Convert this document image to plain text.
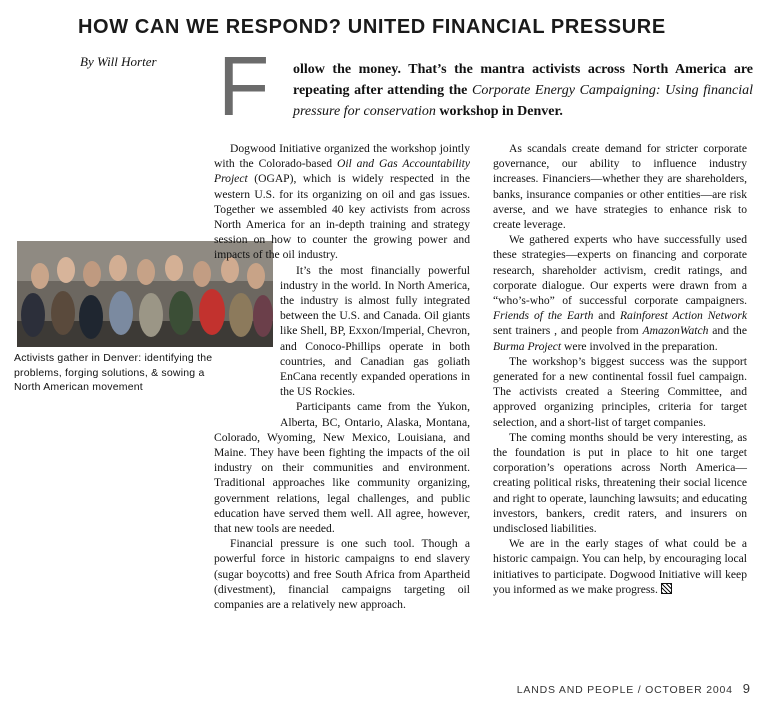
HOW CAN WE RESPOND? UNITED FINANCIAL PRESSURE
By Will Horter F ollow the money. That’s the mantra activists across North America are repeating after attending the Corporate Energy Campaigning: Using financial pressure for conservation workshop in Denver.
Activists gather in Denver: identifying the problems, forging solutions, & sowing a North American movement

Dogwood Initiative organized the workshop jointly with the Colorado-based Oil and Gas Accountability Project (OGAP), which is widely respected in the western U.S. for its organizing on oil and gas issues. Together we assembled 40 key activists from across North America for an in-depth training and strategy session on how to counter the growing power and impacts of the oil industry.

It’s the most financially powerful industry in the world. In North America, the industry is almost fully integrated between the U.S. and Canada. Oil giants like Shell, BP, Exxon/Imperial, Chevron, and Conoco-Phillips operate in both countries, and Canadian gas goliath EnCana recently expanded operations in the US Rockies.

Participants came from the Yukon, Alberta, BC, Ontario, Alaska, Montana, Colorado, Wyoming, New Mexico, Louisiana, and Maine. They have been fighting the impacts of the oil industry on their communities and environment. Traditional approaches like community organizing, government relations, legal challenges, and public education have served them well. All agree, however, that new tools are needed.

Financial pressure is one such tool. Though a powerful force in historic campaigns to end slavery (sugar boycotts) and free South Africa from Apartheid (divestment), financial campaigns targeting oil companies are a relatively new approach.

As scandals create demand for stricter corporate governance, our ability to influence industry increases. Financiers—whether they are shareholders, banks, insurance companies or other entities—are risk averse, and we have strategies to enhance risk to create leverage.

We gathered experts who have successfully used these strategies—experts on financing and corporate research, shareholder activism, credit ratings, and corporate dialogue. Our experts were drawn from a “who’s-who” of successful corporate campaigners. Friends of the Earth and Rainforest Action Network sent trainers , and people from AmazonWatch and the Burma Project were involved in the preparation.

The workshop’s biggest success was the support generated for a new continental fossil fuel campaign. The activists created a Steering Committee, and approved organizing principles, criteria for target selection, and a short-list of target companies.

The coming months should be very interesting, as the foundation is put in place to hit one target corporation’s operations across North America—creating political risks, threatening their social licence and right to operate, launching lawsuits; and educating investors, bankers, credit raters, and insurers on undisclosed liabilities.

We are in the early stages of what could be a historic campaign. You can help, by encouraging local initiatives to participate. Dogwood Initiative will keep you informed as we make progress.

LANDS AND PEOPLE / OCTOBER 2004 9
